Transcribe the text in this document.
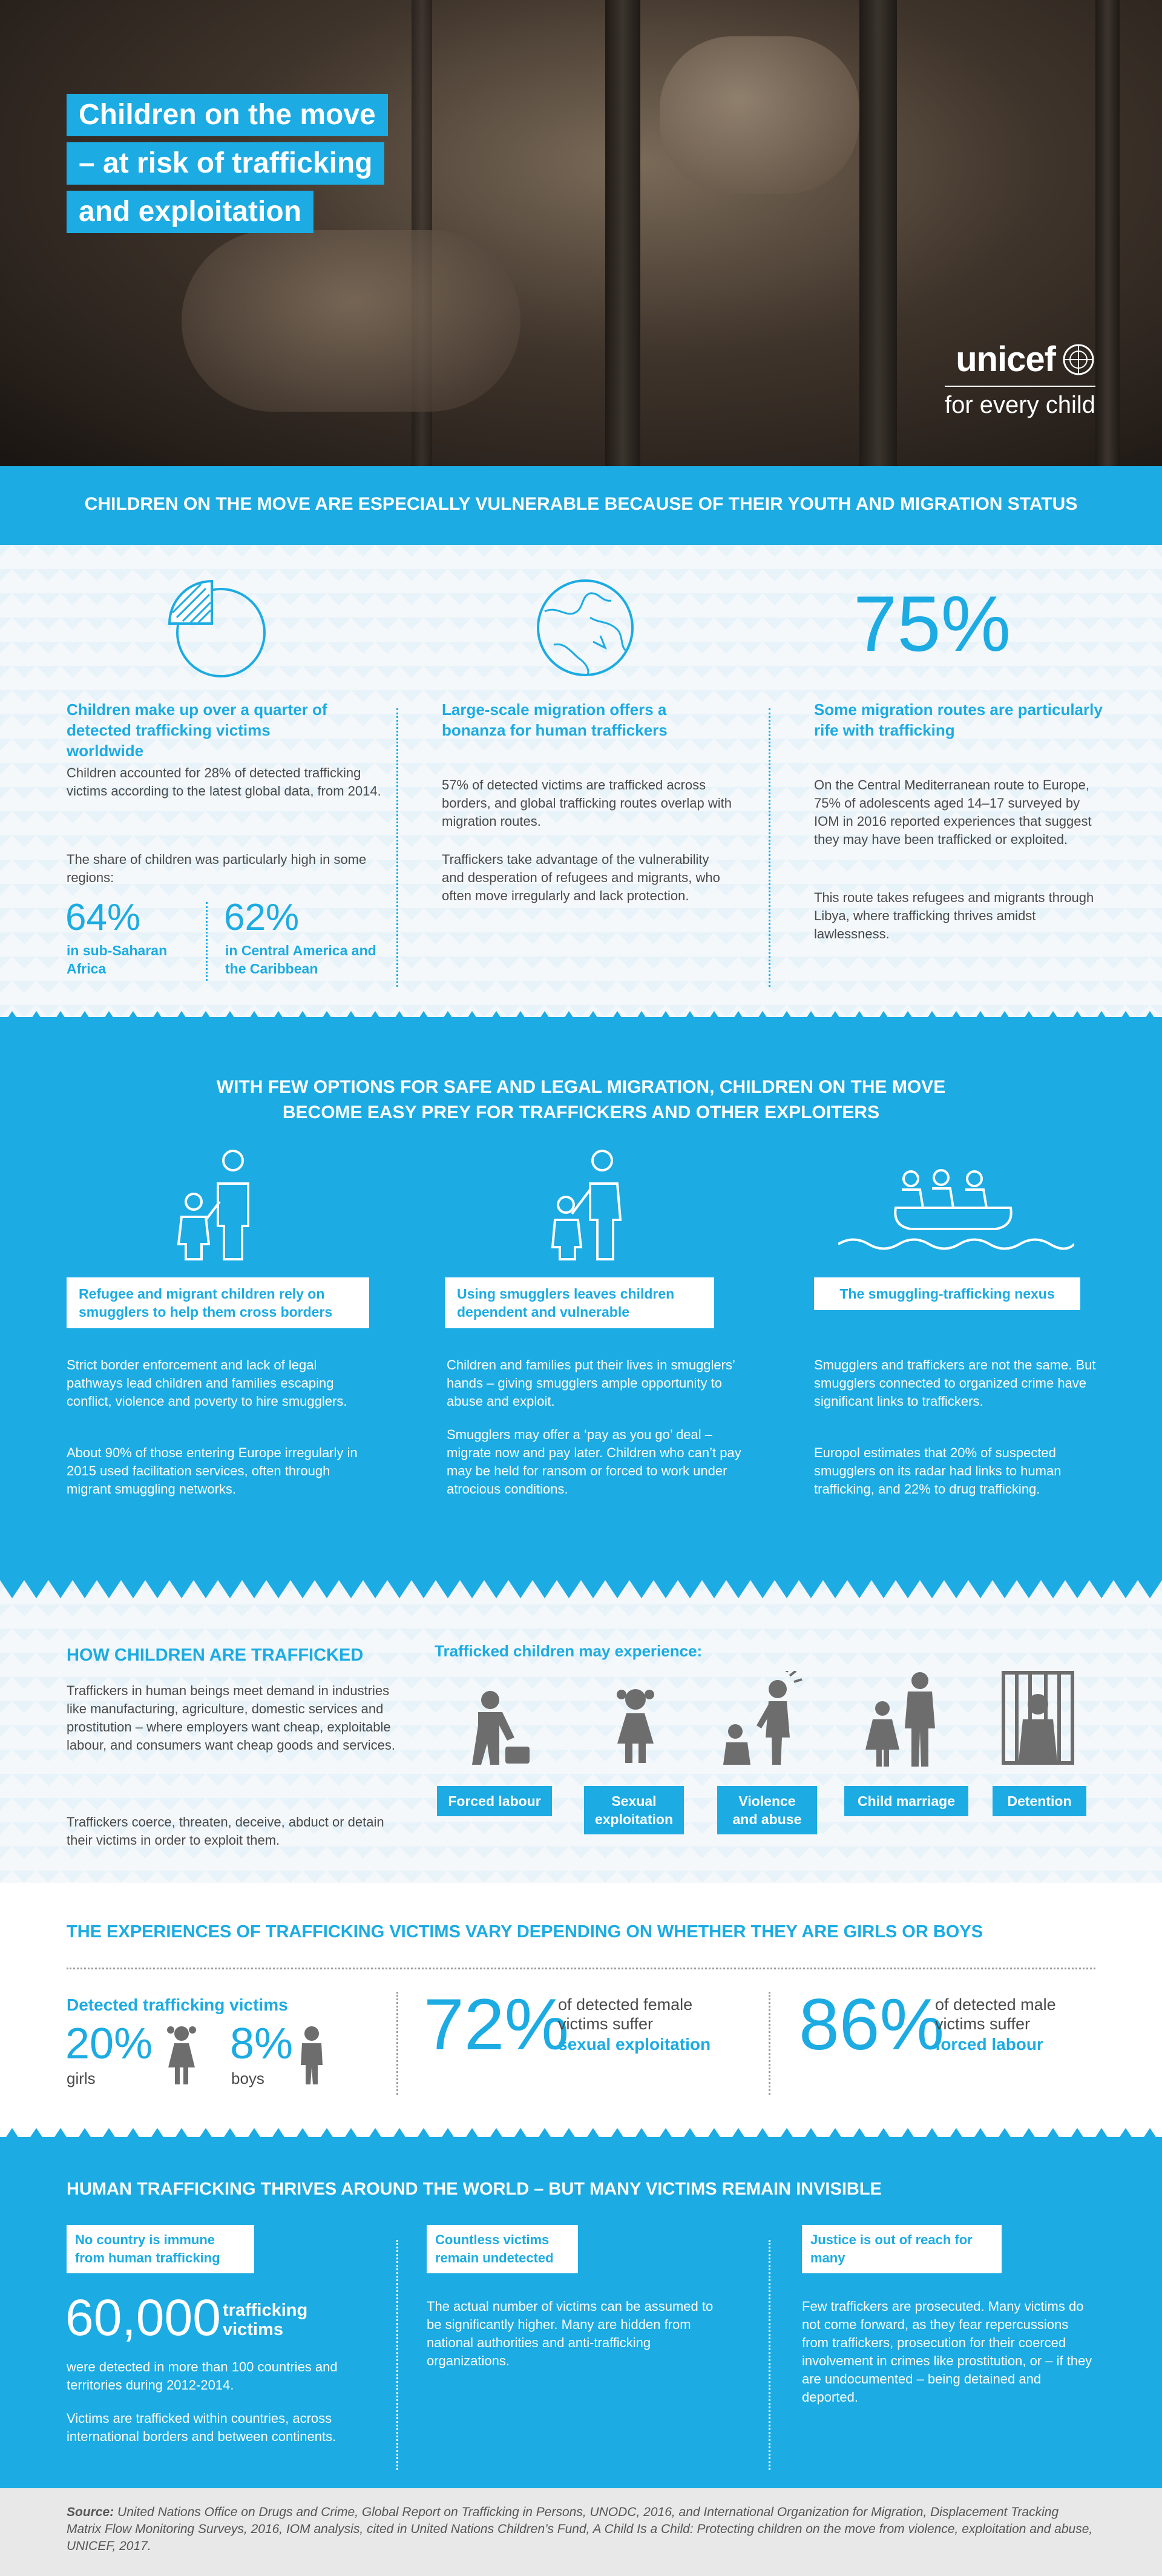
Children on the move
– at risk of trafficking
and exploitation
unicef
for every child
CHILDREN ON THE MOVE ARE ESPECIALLY VULNERABLE BECAUSE OF THEIR YOUTH AND MIGRATION STATUS
Children make up over a quarter of detected trafficking victims worldwide
Children accounted for 28% of detected trafficking victims according to the latest global data, from 2014.
The share of children was particularly high in some regions:
64%
in sub-Saharan Africa
62%
in Central America and the Caribbean
Large-scale migration offers a bonanza for human traffickers
57% of detected victims are trafficked across borders, and global trafficking routes overlap with migration routes.
Traffickers take advantage of the vulnerability and desperation of refugees and migrants, who often move irregularly and lack protection.
75%
Some migration routes are particularly rife with trafficking
On the Central Mediterranean route to Europe, 75% of adolescents aged 14–17 surveyed by IOM in 2016 reported experiences that suggest they may have been trafficked or exploited.
This route takes refugees and migrants through Libya, where trafficking thrives amidst lawlessness.
WITH FEW OPTIONS FOR SAFE AND LEGAL MIGRATION, CHILDREN ON THE MOVE
BECOME EASY PREY FOR TRAFFICKERS AND OTHER EXPLOITERS
Refugee and migrant children rely on smugglers to help them cross borders
Strict border enforcement and lack of legal pathways lead children and families escaping conflict, violence and poverty to hire smugglers.
About 90% of those entering Europe irregularly in 2015 used facilitation services, often through migrant smuggling networks.
Using smugglers leaves children dependent and vulnerable
Children and families put their lives in smugglers’ hands – giving smugglers ample opportunity to abuse and exploit.
Smugglers may offer a ‘pay as you go’ deal – migrate now and pay later. Children who can’t pay may be held for ransom or forced to work under atrocious conditions.
The smuggling-trafficking nexus
Smugglers and traffickers are not the same. But smugglers connected to organized crime have significant links to traffickers.
Europol estimates that 20% of suspected smugglers on its radar had links to human trafficking, and 22% to drug trafficking.
HOW CHILDREN ARE TRAFFICKED
Traffickers in human beings meet demand in industries like manufacturing, agriculture, domestic services and prostitution – where employers want cheap, exploitable labour, and consumers want cheap goods and services.
Traffickers coerce, threaten, deceive, abduct or detain their victims in order to exploit them.
Trafficked children may experience:
Forced labour	Sexual exploitation
Violence and abuse
Child marriage	Detention
THE EXPERIENCES OF TRAFFICKING VICTIMS VARY DEPENDING ON WHETHER THEY ARE GIRLS OR BOYS
Detected trafficking victims
20%
girls
8%
boys
72%
of detected female victims suffer
sexual exploitation 86%
of detected male victims suffer
forced labour
HUMAN TRAFFICKING THRIVES AROUND THE WORLD – BUT MANY VICTIMS REMAIN INVISIBLE
No country is immune from human trafficking
60,000 trafficking victims
were detected in more than 100 countries and territories during 2012-2014.
Victims are trafficked within countries, across international borders and between continents.
Countless victims remain undetected
The actual number of victims can be assumed to be significantly higher. Many are hidden from national authorities and anti-trafficking organizations.
Justice is out of reach for many
Few traffickers are prosecuted. Many victims do not come forward, as they fear repercussions from traffickers, prosecution for their coerced involvement in crimes like prostitution, or – if they are undocumented – being detained and deported.
Source: United Nations Office on Drugs and Crime, Global Report on Trafficking in Persons, UNODC, 2016, and International Organization for Migration, Displacement Tracking Matrix Flow Monitoring Surveys, 2016, IOM analysis, cited in United Nations Children’s Fund, A Child Is a Child: Protecting children on the move from violence, exploitation and abuse, UNICEF, 2017.
